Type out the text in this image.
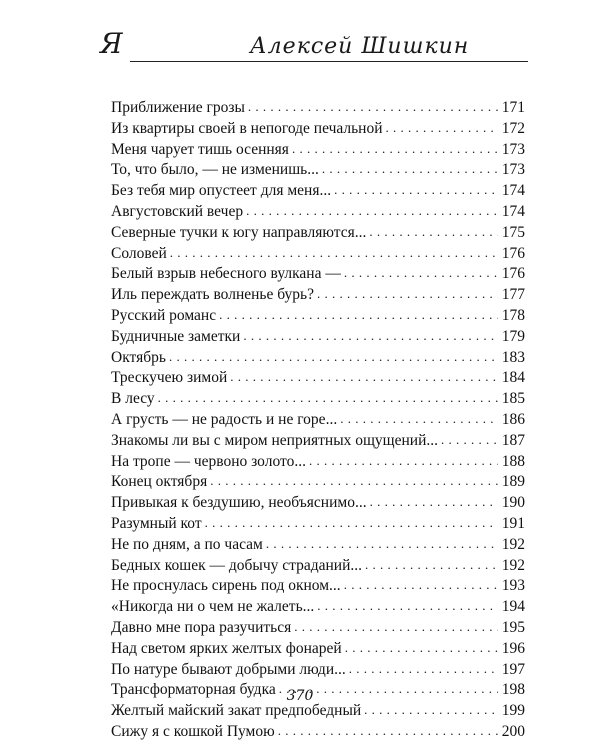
Я	Алексей Шишкин
Приближение грозы . . .	171
Из квартиры своей в непогоде печальной . . .	172
Меня чарует тишь осенняя . . .	173
То, что было, — не изменишь... . . .	173
Без тебя мир опустеет для меня... . . .	174
Августовский вечер . . .	174
Северные тучки к югу направляются... . . .	175
Соловей . . .	176
Белый взрыв небесного вулкана — . . .	176
Иль переждать волненье бурь? . . .	177
Русский романс . . .	178
Будничные заметки . . .	179
Октябрь . . .	183
Трескучею зимой . . .	184
В лесу . . .	185
А грусть — не радость и не горе... . . .	186
Знакомы ли вы с миром неприятных ощущений... . . .	187
На тропе — червоно золото... . . .	188
Конец октября . . .	189
Привыкая к бездушию, необъяснимо... . . .	190
Разумный кот . . .	191
Не по дням, а по часам . . .	192
Бедных кошек — добычу страданий... . . .	192
Не проснулась сирень под окном... . . .	193
«Никогда ни о чем не жалеть... . . .	194
Давно мне пора разучиться . . .	195
Над светом ярких желтых фонарей . . .	196
По натуре бывают добрыми люди... . . .	197
Трансформаторная будка . . .	198
Желтый майский закат предпобедный . . .	199
Сижу я с кошкой Пумою . . .	200
370
